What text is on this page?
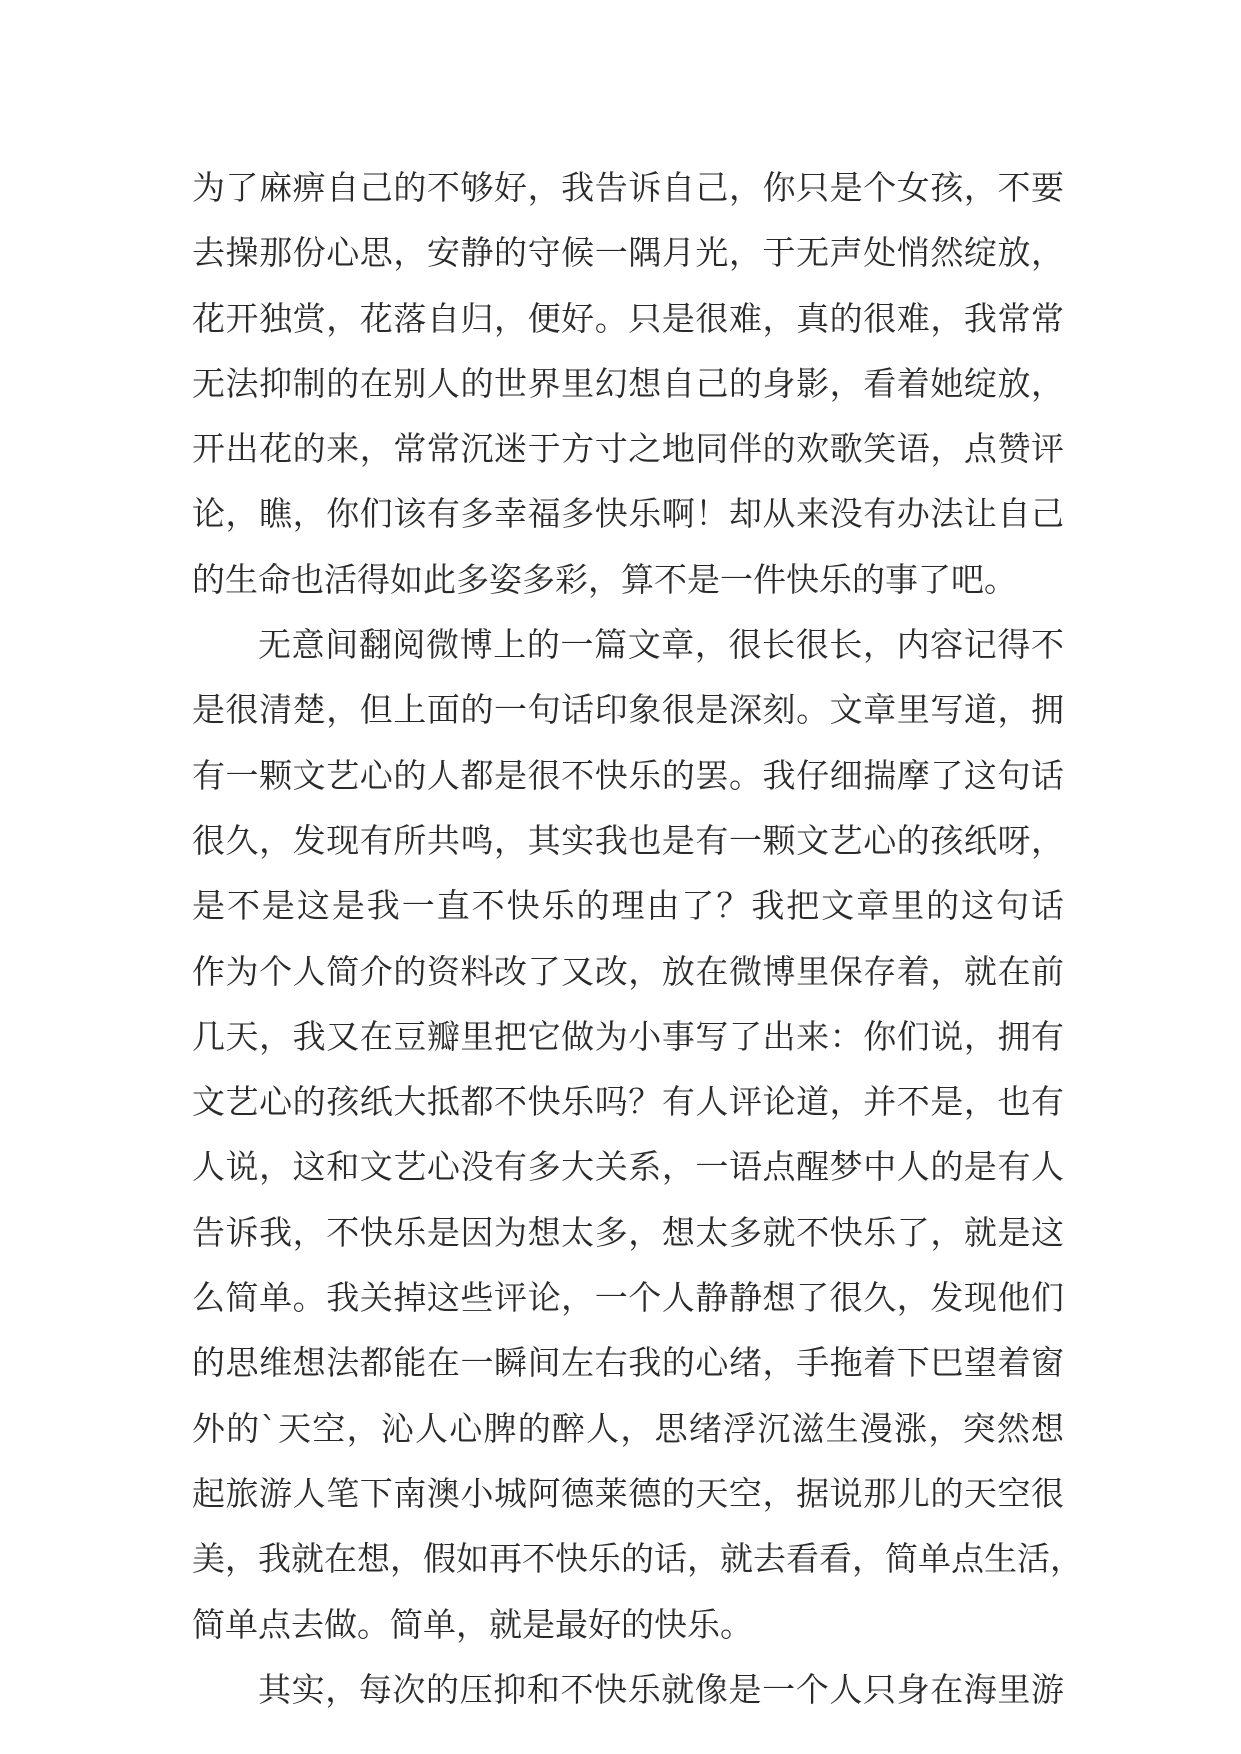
为了麻痹自己的不够好，我告诉自己，你只是个女孩，不要
去操那份心思，安静的守候一隅月光，于无声处悄然绽放，
花开独赏，花落自归，便好。只是很难，真的很难，我常常
无法抑制的在别人的世界里幻想自己的身影，看着她绽放，
开出花的来，常常沉迷于方寸之地同伴的欢歌笑语，点赞评
论，瞧，你们该有多幸福多快乐啊！却从来没有办法让自己
的生命也活得如此多姿多彩，算不是一件快乐的事了吧。
无意间翻阅微博上的一篇文章，很长很长，内容记得不
是很清楚，但上面的一句话印象很是深刻。文章里写道，拥
有一颗文艺心的人都是很不快乐的罢。我仔细揣摩了这句话
很久，发现有所共鸣，其实我也是有一颗文艺心的孩纸呀，
是不是这是我一直不快乐的理由了？我把文章里的这句话
作为个人简介的资料改了又改，放在微博里保存着，就在前
几天，我又在豆瓣里把它做为小事写了出来：你们说，拥有
文艺心的孩纸大抵都不快乐吗？有人评论道，并不是，也有
人说，这和文艺心没有多大关系，一语点醒梦中人的是有人
告诉我，不快乐是因为想太多，想太多就不快乐了，就是这
么简单。我关掉这些评论，一个人静静想了很久，发现他们
的思维想法都能在一瞬间左右我的心绪，手拖着下巴望着窗
外的`天空，沁人心脾的醉人，思绪浮沉滋生漫涨，突然想
起旅游人笔下南澳小城阿德莱德的天空，据说那儿的天空很
美，我就在想，假如再不快乐的话，就去看看，简单点生活，
简单点去做。简单，就是最好的快乐。
其实，每次的压抑和不快乐就像是一个人只身在海里游
